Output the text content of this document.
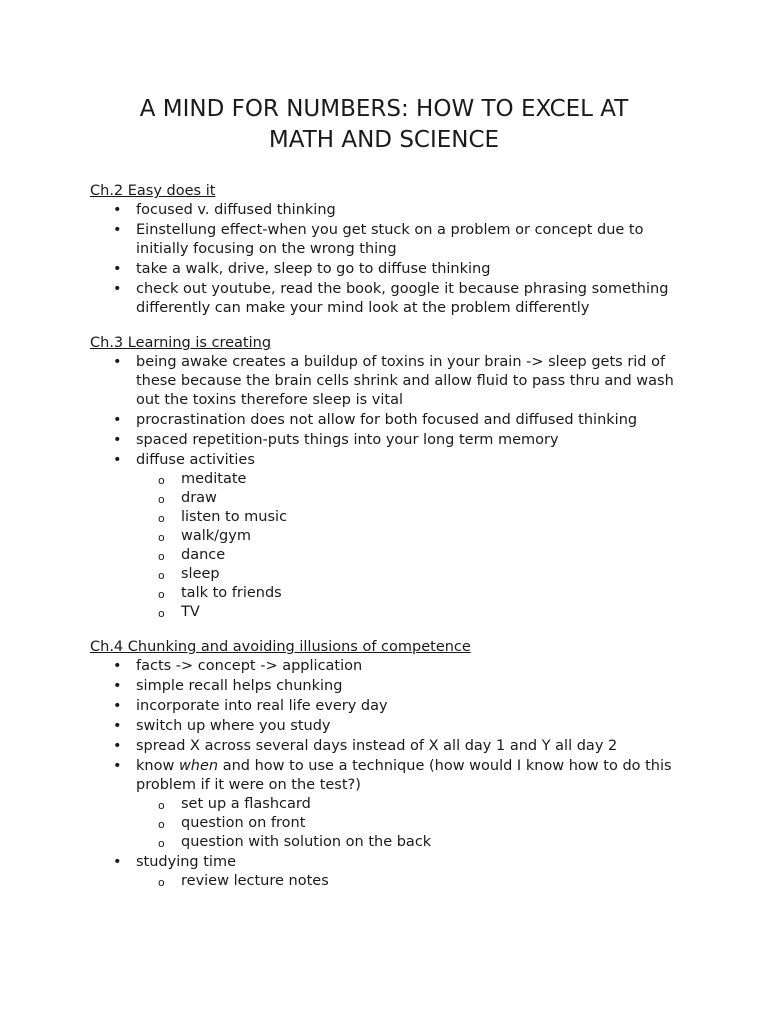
A MIND FOR NUMBERS: HOW TO EXCEL AT
MATH AND SCIENCE

Ch.2 Easy does it

• focused v. diffused thinking
• Einstellung effect-when you get stuck on a problem or concept due to initially focusing on the wrong thing
• take a walk, drive, sleep to go to diffuse thinking
• check out youtube, read the book, google it because phrasing something differently can make your mind look at the problem differently

Ch.3 Learning is creating

• being awake creates a buildup of toxins in your brain -> sleep gets rid of these because the brain cells shrink and allow fluid to pass thru and wash out the toxins therefore sleep is vital
• procrastination does not allow for both focused and diffused thinking
• spaced repetition-puts things into your long term memory
• diffuse activities
o meditate
o draw
o listen to music
o walk/gym
o dance
o sleep
o talk to friends
o TV

Ch.4 Chunking and avoiding illusions of competence

• facts -> concept -> application
• simple recall helps chunking
• incorporate into real life every day
• switch up where you study
• spread X across several days instead of X all day 1 and Y all day 2
• know when and how to use a technique (how would I know how to do this problem if it were on the test?)
o set up a flashcard
o question on front
o question with solution on the back
• studying time
o review lecture notes
